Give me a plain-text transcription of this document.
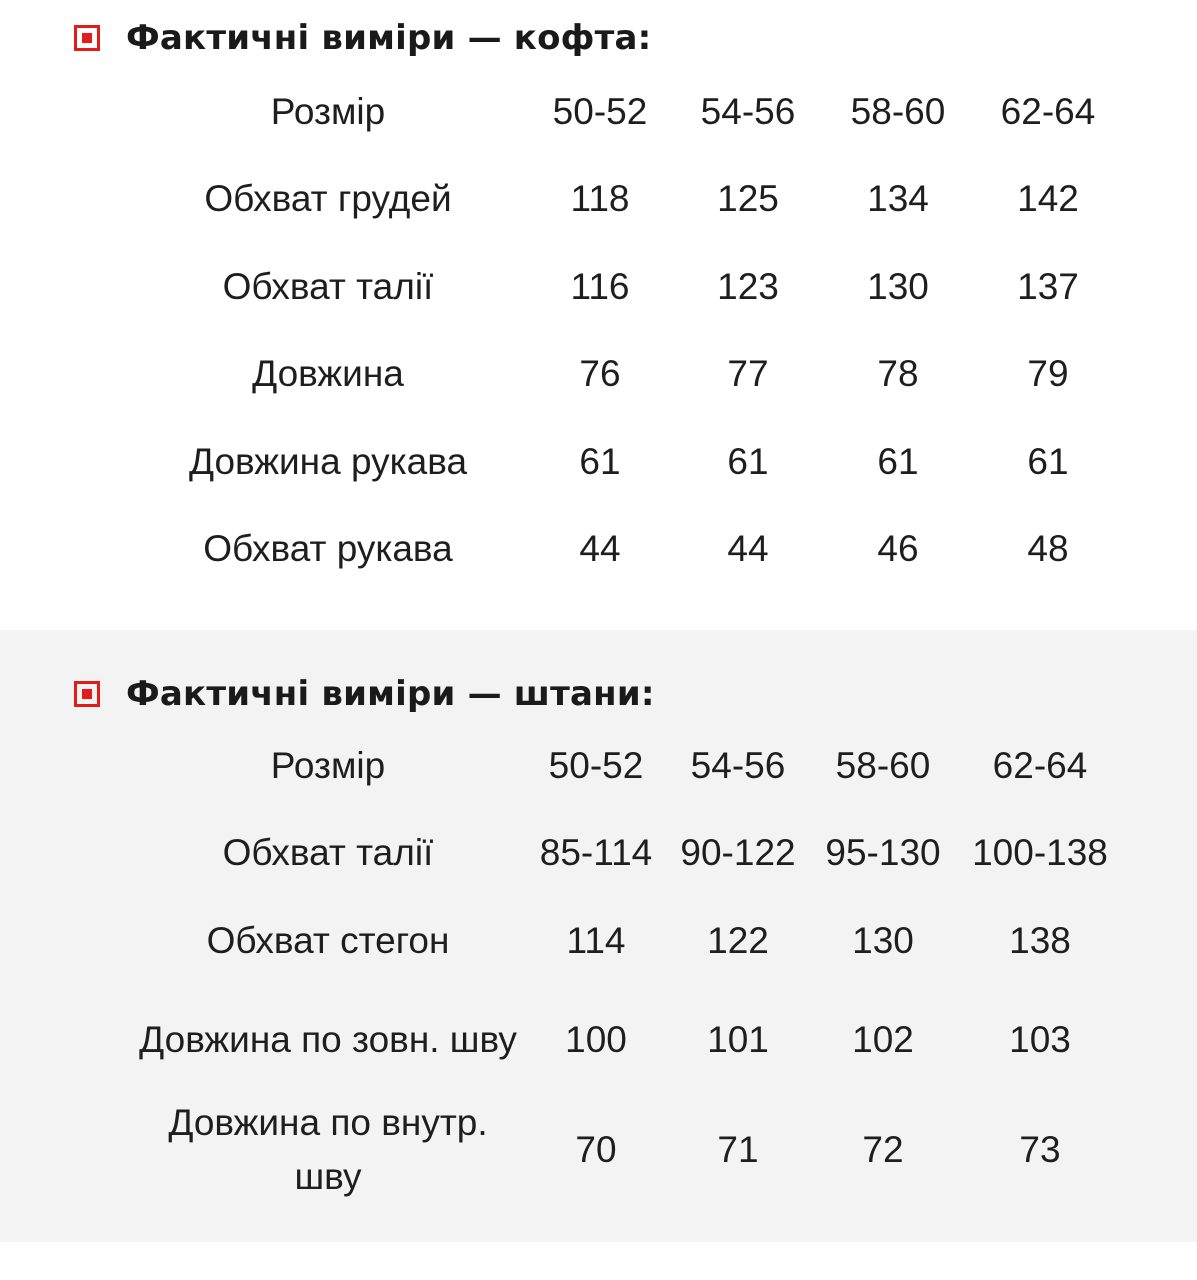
Фактичні виміри — кофта:
Розмір	50-52	54-56	58-60	62-64
Обхват грудей	118	125	134	142
Обхват талії	116	123	130	137
Довжина	76	77	78	79
Довжина рукава	61	61	61	61
Обхват рукава	44	44	46	48
Фактичні виміри — штани:
Розмір	50-52	54-56	58-60	62-64
Обхват талії	85-114	90-122	95-130	100-138
Обхват стегон	114	122	130	138
Довжина по зовн. шву	100	101	102	103
Довжина по внутр. шву	70	71	72	73
